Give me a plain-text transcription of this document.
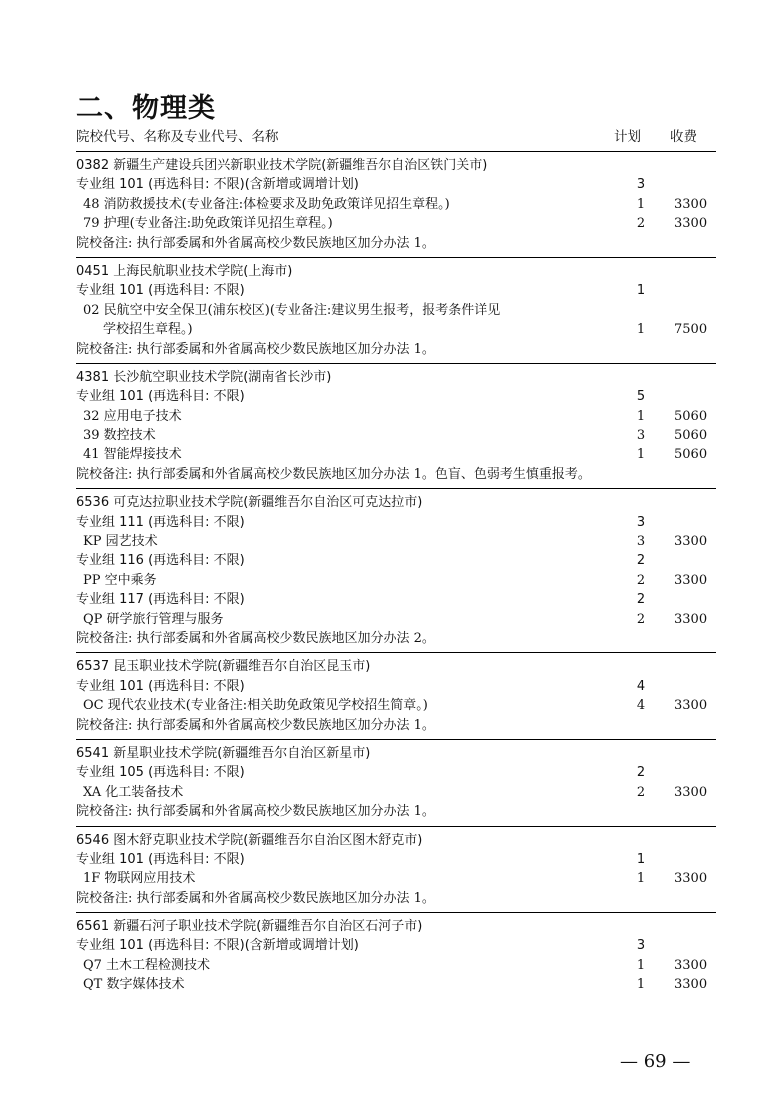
二、物理类
院校代号、名称及专业代号、名称	计划 收费
0382 新疆生产建设兵团兴新职业技术学院(新疆维吾尔自治区铁门关市)
专业组 101 (再选科目: 不限)(含新增或调增计划)	3
48 消防救援技术(专业备注:体检要求及助免政策详见招生章程。)	1 3300
79 护理(专业备注:助免政策详见招生章程。)	2 3300
院校备注: 执行部委属和外省属高校少数民族地区加分办法 1。
0451 上海民航职业技术学院(上海市)
专业组 101 (再选科目: 不限)	1
02 民航空中安全保卫(浦东校区)(专业备注:建议男生报考，报考条件详见
学校招生章程。)	1 7500
院校备注: 执行部委属和外省属高校少数民族地区加分办法 1。
4381 长沙航空职业技术学院(湖南省长沙市)
专业组 101 (再选科目: 不限)	5
32 应用电子技术	1 5060
39 数控技术	3 5060
41 智能焊接技术	1 5060
院校备注: 执行部委属和外省属高校少数民族地区加分办法 1。色盲、色弱考生慎重报考。
6536 可克达拉职业技术学院(新疆维吾尔自治区可克达拉市)
专业组 111 (再选科目: 不限)	3
KP 园艺技术	3 3300
专业组 116 (再选科目: 不限)	2
PP 空中乘务	2 3300
专业组 117 (再选科目: 不限)	2
QP 研学旅行管理与服务	2 3300
院校备注: 执行部委属和外省属高校少数民族地区加分办法 2。
6537 昆玉职业技术学院(新疆维吾尔自治区昆玉市)
专业组 101 (再选科目: 不限)	4
OC 现代农业技术(专业备注:相关助免政策见学校招生简章。)	4 3300
院校备注: 执行部委属和外省属高校少数民族地区加分办法 1。
6541 新星职业技术学院(新疆维吾尔自治区新星市)
专业组 105 (再选科目: 不限)	2
XA 化工装备技术	2 3300
院校备注: 执行部委属和外省属高校少数民族地区加分办法 1。
6546 图木舒克职业技术学院(新疆维吾尔自治区图木舒克市)
专业组 101 (再选科目: 不限)	1
1F 物联网应用技术	1 3300
院校备注: 执行部委属和外省属高校少数民族地区加分办法 1。
6561 新疆石河子职业技术学院(新疆维吾尔自治区石河子市)
专业组 101 (再选科目: 不限)(含新增或调增计划)	3
Q7 土木工程检测技术	1 3300
QT 数字媒体技术	1 3300
— 69 —
